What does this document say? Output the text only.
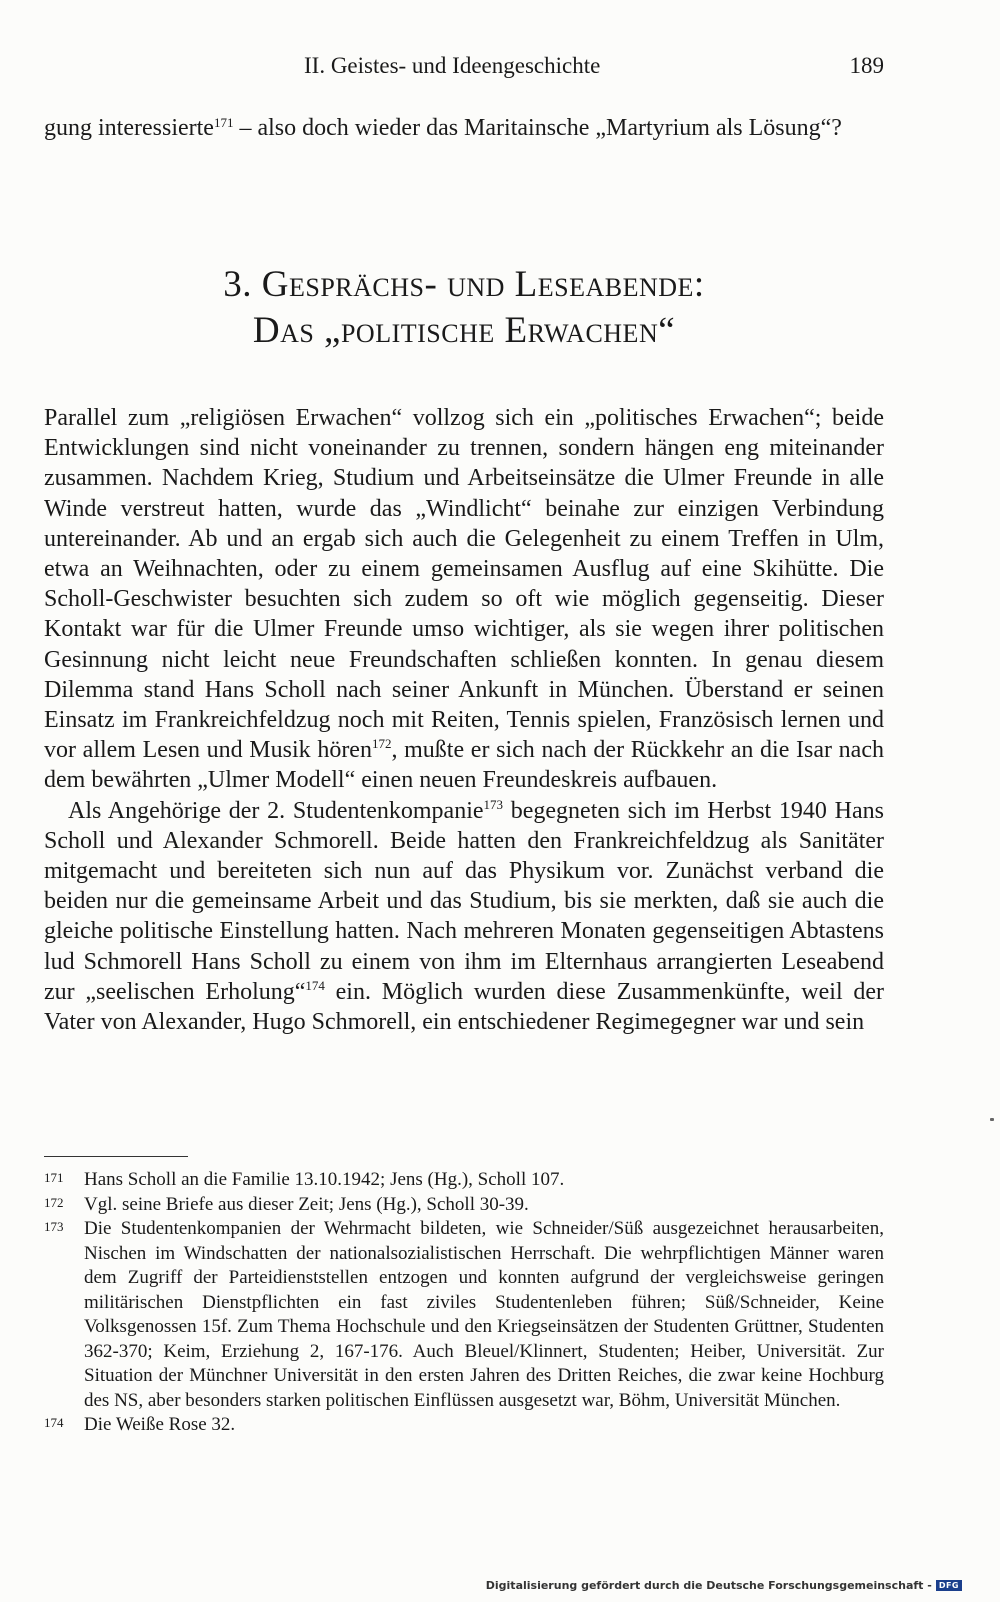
II. Geistes- und Ideengeschichte	189
gung interessierte$^{171}$ – also doch wieder das Maritainsche „Martyrium als Lösung“?
3. Gesprächs- und Leseabende:
Das „politische Erwachen“

Parallel zum „religiösen Erwachen“ vollzog sich ein „politisches Erwachen“; beide Entwicklungen sind nicht voneinander zu trennen, sondern hängen eng miteinander zusammen. Nachdem Krieg, Studium und Arbeitseinsätze die Ulmer Freunde in alle Winde verstreut hatten, wurde das „Windlicht“ beinahe zur einzigen Verbindung untereinander. Ab und an ergab sich auch die Gelegenheit zu einem Treffen in Ulm, etwa an Weihnachten, oder zu einem gemeinsamen Ausflug auf eine Skihütte. Die Scholl-Geschwister besuchten sich zudem so oft wie möglich gegenseitig. Dieser Kontakt war für die Ulmer Freunde umso wichtiger, als sie wegen ihrer politischen Gesinnung nicht leicht neue Freundschaften schließen konnten. In genau diesem Dilemma stand Hans Scholl nach seiner Ankunft in München. Überstand er seinen Einsatz im Frankreichfeldzug noch mit Reiten, Tennis spielen, Französisch lernen und vor allem Lesen und Musik hören$^{172}$, mußte er sich nach der Rückkehr an die Isar nach dem bewährten „Ulmer Modell“ einen neuen Freundeskreis aufbauen.

Als Angehörige der 2. Studentenkompanie$^{173}$ begegneten sich im Herbst 1940 Hans Scholl und Alexander Schmorell. Beide hatten den Frankreichfeldzug als Sanitäter mitgemacht und bereiteten sich nun auf das Physikum vor. Zunächst verband die beiden nur die gemeinsame Arbeit und das Studium, bis sie merkten, daß sie auch die gleiche politische Einstellung hatten. Nach mehreren Monaten gegenseitigen Abtastens lud Schmorell Hans Scholl zu einem von ihm im Elternhaus arrangierten Leseabend zur „seelischen Erholung“$^{174}$ ein. Möglich wurden diese Zusammenkünfte, weil der Vater von Alexander, Hugo Schmorell, ein entschiedener Regimegegner war und sein

171 Hans Scholl an die Familie 13.10.1942; Jens (Hg.), Scholl 107.
172 Vgl. seine Briefe aus dieser Zeit; Jens (Hg.), Scholl 30-39.
173 Die Studentenkompanien der Wehrmacht bildeten, wie Schneider/Süß ausgezeichnet herausarbeiten, Nischen im Windschatten der nationalsozialistischen Herrschaft. Die wehrpflichtigen Männer waren dem Zugriff der Parteidienststellen entzogen und konnten aufgrund der vergleichsweise geringen militärischen Dienstpflichten ein fast ziviles Studentenleben führen; Süß/Schneider, Keine Volksgenossen 15f. Zum Thema Hochschule und den Kriegseinsätzen der Studenten Grüttner, Studenten 362-370; Keim, Erziehung 2, 167-176. Auch Bleuel/Klinnert, Studenten; Heiber, Universität. Zur Situation der Münchner Universität in den ersten Jahren des Dritten Reiches, die zwar keine Hochburg des NS, aber besonders starken politischen Einflüssen ausgesetzt war, Böhm, Universität München.
174 Die Weiße Rose 32.
Digitalisierung gefördert durch die Deutsche Forschungsgemeinschaft - DFG
